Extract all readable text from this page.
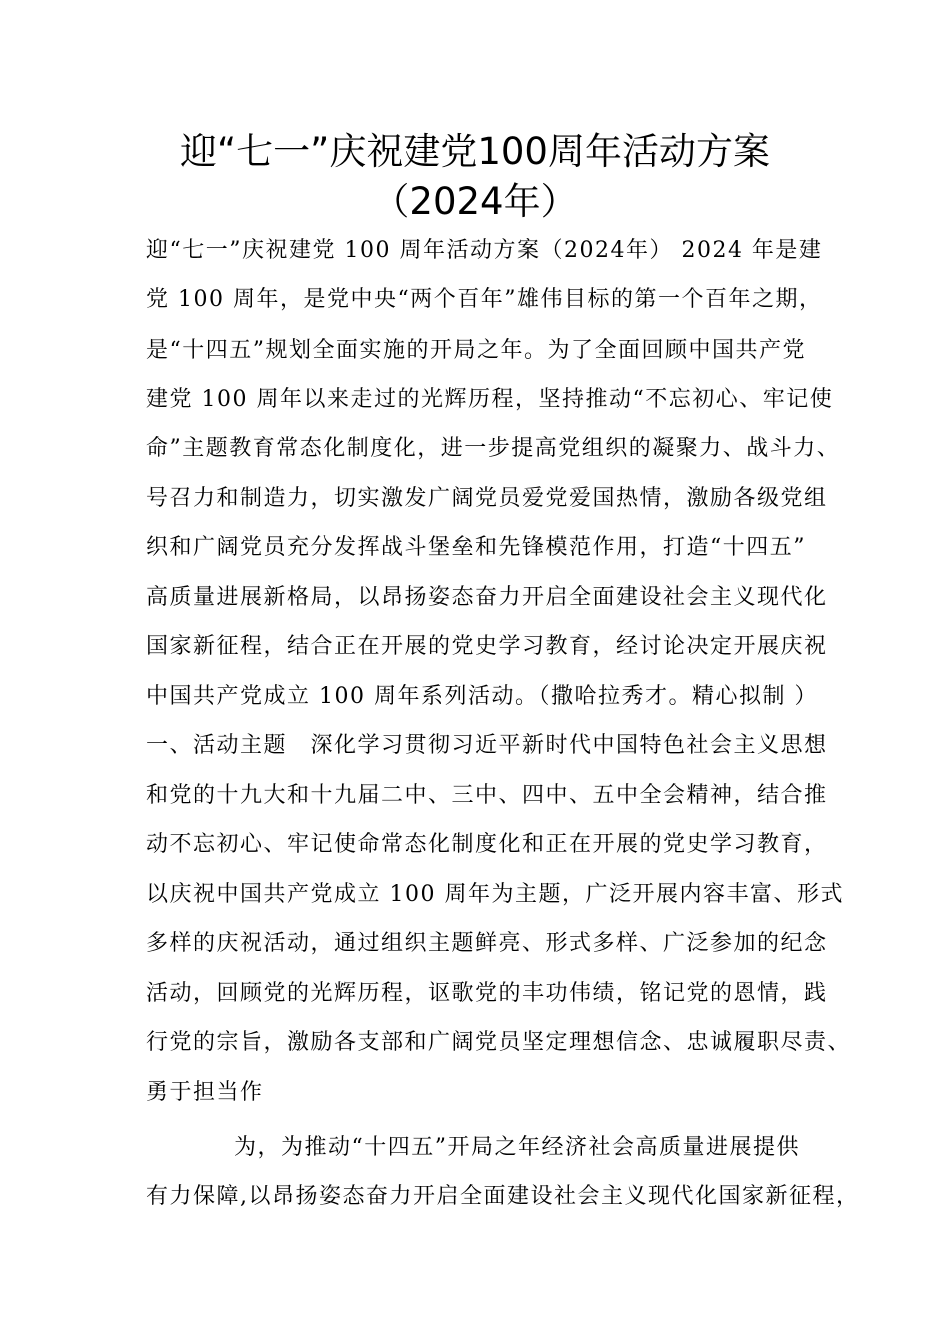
迎“七一”庆祝建党100周年活动方案
（2024年）
迎“七一”庆祝建党 100 周年活动方案（2024年） 2024 年是建
党 100 周年，是党中央“两个百年”雄伟目标的第一个百年之期，
是“十四五”规划全面实施的开局之年。为了全面回顾中国共产党
建党 100 周年以来走过的光辉历程，坚持推动“不忘初心、牢记使
命”主题教育常态化制度化，进一步提高党组织的凝聚力、战斗力、
号召力和制造力，切实激发广阔党员爱党爱国热情，激励各级党组
织和广阔党员充分发挥战斗堡垒和先锋模范作用，打造“十四五”
高质量进展新格局，以昂扬姿态奋力开启全面建设社会主义现代化
国家新征程，结合正在开展的党史学习教育，经讨论决定开展庆祝
中国共产党成立 100 周年系列活动。（撒哈拉秀才。精心拟制 ）
一、活动主题　深化学习贯彻习近平新时代中国特色社会主义思想
和党的十九大和十九届二中、三中、四中、五中全会精神，结合推
动不忘初心、牢记使命常态化制度化和正在开展的党史学习教育，
以庆祝中国共产党成立 100 周年为主题，广泛开展内容丰富、形式
多样的庆祝活动，通过组织主题鲜亮、形式多样、广泛参加的纪念
活动，回顾党的光辉历程，讴歌党的丰功伟绩，铭记党的恩情，践
行党的宗旨，激励各支部和广阔党员坚定理想信念、忠诚履职尽责、
勇于担当作
为，为推动“十四五”开局之年经济社会高质量进展提供
有力保障,以昂扬姿态奋力开启全面建设社会主义现代化国家新征程，
